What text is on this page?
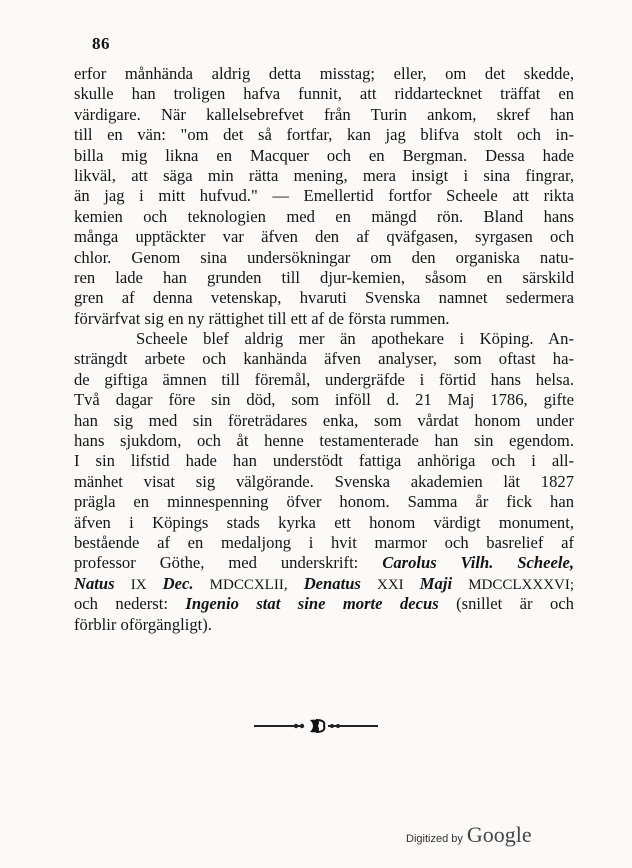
86
erfor månhända aldrig detta misstag; eller, om det skedde,
skulle han troligen hafva funnit, att riddartecknet träffat en
värdigare. När kallelsebrefvet från Turin ankom, skref han
till en vän: "om det så fortfar, kan jag blifva stolt och in-
billa mig likna en Macquer och en Bergman. Dessa hade
likväl, att säga min rätta mening, mera insigt i sina fingrar,
än jag i mitt hufvud." — Emellertid fortfor Scheele att rikta
kemien och teknologien med en mängd rön. Bland hans
många upptäckter var äfven den af qväfgasen, syrgasen och
chlor. Genom sina undersökningar om den organiska natu-
ren lade han grunden till djur-kemien, såsom en särskild
gren af denna vetenskap, hvaruti Svenska namnet sedermera
förvärfvat sig en ny rättighet till ett af de första rummen.
Scheele blef aldrig mer än apothekare i Köping. An-
strängdt arbete och kanhända äfven analyser, som oftast ha-
de giftiga ämnen till föremål, undergräfde i förtid hans helsa.
Två dagar före sin död, som inföll d. 21 Maj 1786, gifte
han sig med sin företrädares enka, som vårdat honom under
hans sjukdom, och åt henne testamenterade han sin egendom.
I sin lifstid hade han understödt fattiga anhöriga och i all-
mänhet visat sig välgörande. Svenska akademien lät 1827
prägla en minnespenning öfver honom. Samma år fick han
äfven i Köpings stads kyrka ett honom värdigt monument,
bestående af en medaljong i hvit marmor och basrelief af
professor Göthe, med underskrift: Carolus Vilh. Scheele,
Natus IX Dec. MDCCXLII, Denatus XXI Maji MDCCLXXXVI;
och nederst: Ingenio stat sine morte decus (snillet är och
förblir oförgängligt).
Digitized by Google
